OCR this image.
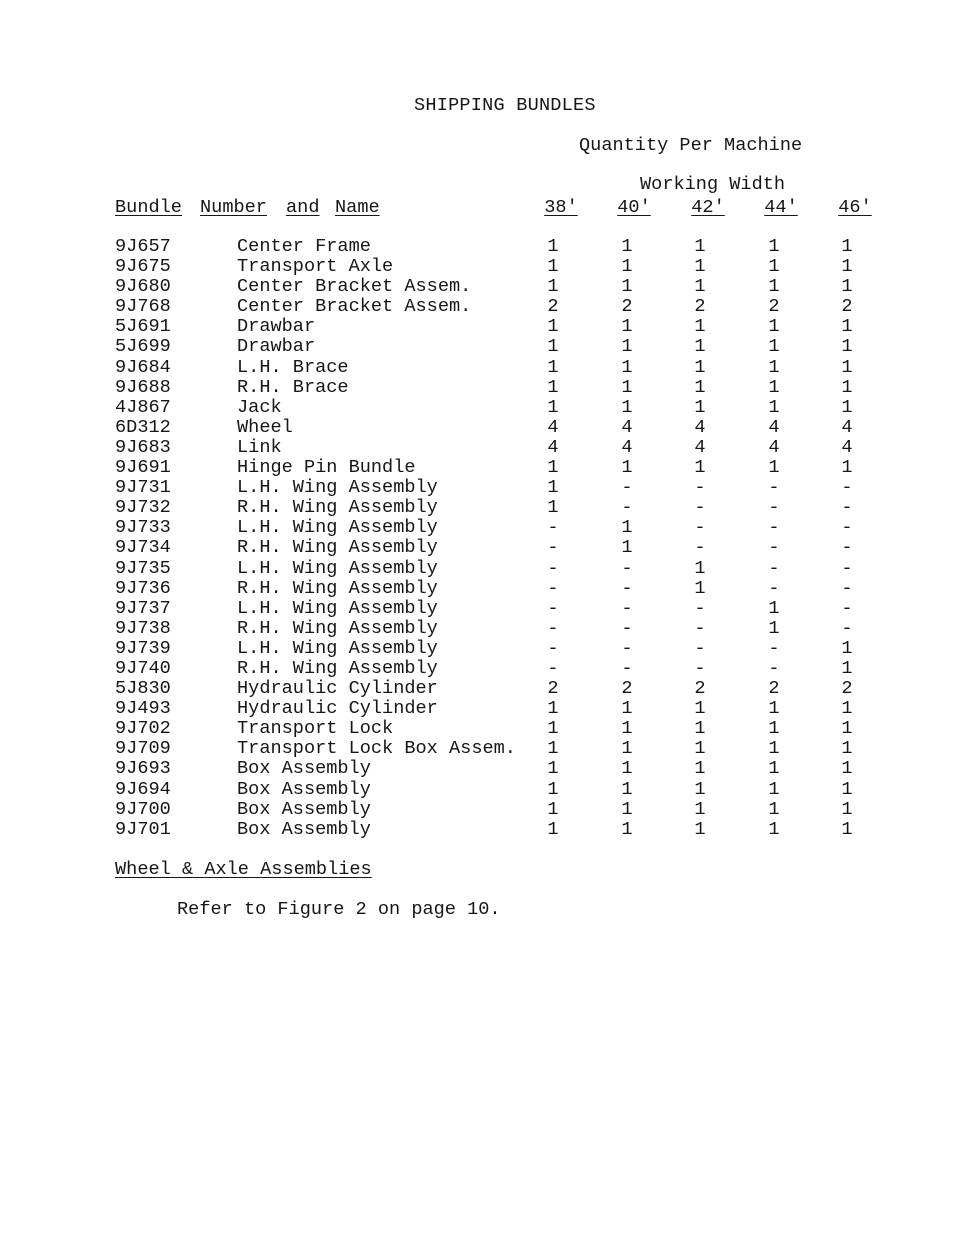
SHIPPING BUNDLES
Quantity Per Machine
Working Width
Bundle Number and Name	38' 40' 42' 44' 46'
9J657	Center Frame	1	1	1	1	1
9J675	Transport Axle	1	1	1	1	1
9J680	Center Bracket Assem.	1	1	1	1	1
9J768	Center Bracket Assem.	2	2	2	2	2
5J691	Drawbar	1	1	1	1	1
5J699	Drawbar	1	1	1	1	1
9J684	L.H. Brace	1	1	1	1	1
9J688	R.H. Brace	1	1	1	1	1
4J867	Jack	1	1	1	1	1
6D312	Wheel	4	4	4	4	4
9J683	Link	4	4	4	4	4
9J691	Hinge Pin Bundle	1	1	1	1	1
9J731	L.H. Wing Assembly	1	-	-	-	-
9J732	R.H. Wing Assembly	1	-	-	-	-
9J733	L.H. Wing Assembly	-	1	-	-	-
9J734	R.H. Wing Assembly	-	1	-	-	-
9J735	L.H. Wing Assembly	-	-	1	-	-
9J736	R.H. Wing Assembly	-	-	1	-	-
9J737	L.H. Wing Assembly	-	-	-	1	-
9J738	R.H. Wing Assembly	-	-	-	1	-
9J739	L.H. Wing Assembly	-	-	-	-	1
9J740	R.H. Wing Assembly	-	-	-	-	1
5J830	Hydraulic Cylinder	2	2	2	2	2
9J493	Hydraulic Cylinder	1	1	1	1	1
9J702	Transport Lock	1	1	1	1	1
9J709	Transport Lock Box Assem.	1	1	1	1	1
9J693	Box Assembly	1	1	1	1	1
9J694	Box Assembly	1	1	1	1	1
9J700	Box Assembly	1	1	1	1	1
9J701	Box Assembly	1	1	1	1	1
Wheel & Axle Assemblies
Refer to Figure 2 on page 10.
